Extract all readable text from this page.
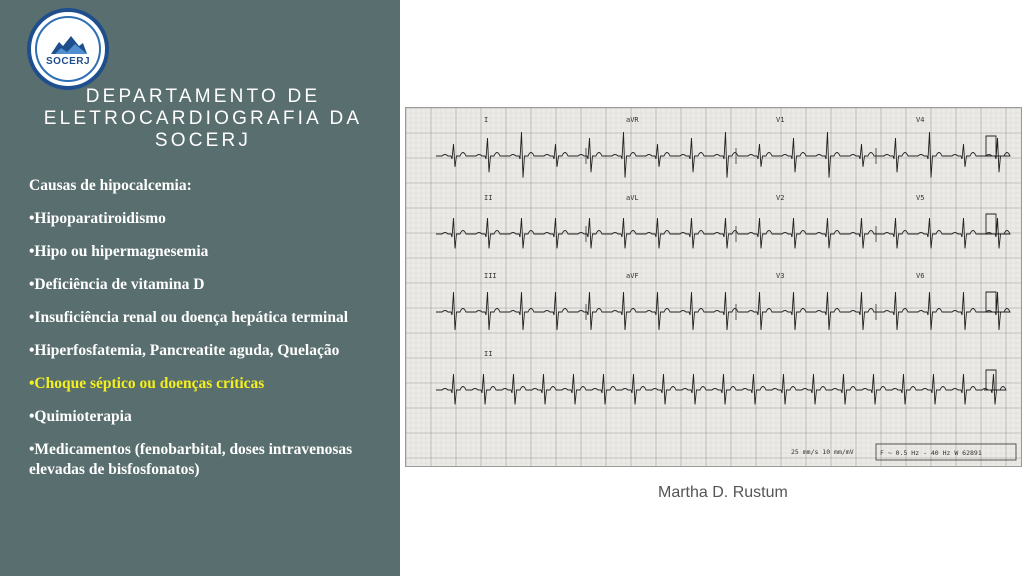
SOCERJ
DEPARTAMENTO DE
ELETROCARDIOGRAFIA DA
SOCERJ
Causas de hipocalcemia:
•Hipoparatiroidismo
•Hipo ou hipermagnesemia
•Deficiência de vitamina D
•Insuficiência renal ou doença hepática terminal
•Hiperfosfatemia, Pancreatite aguda, Quelação
•Choque séptico ou doenças críticas
•Quimioterapia
•Medicamentos (fenobarbital, doses intravenosas elevadas de bisfosfonatos)
I	aVR	V1	V4
II	aVL	V2	V5
III	aVF	V3	V6
II
25 mm/s 10 mm/mV	F ~ 0.5 Hz - 40 Hz W 62891
Martha D. Rustum
